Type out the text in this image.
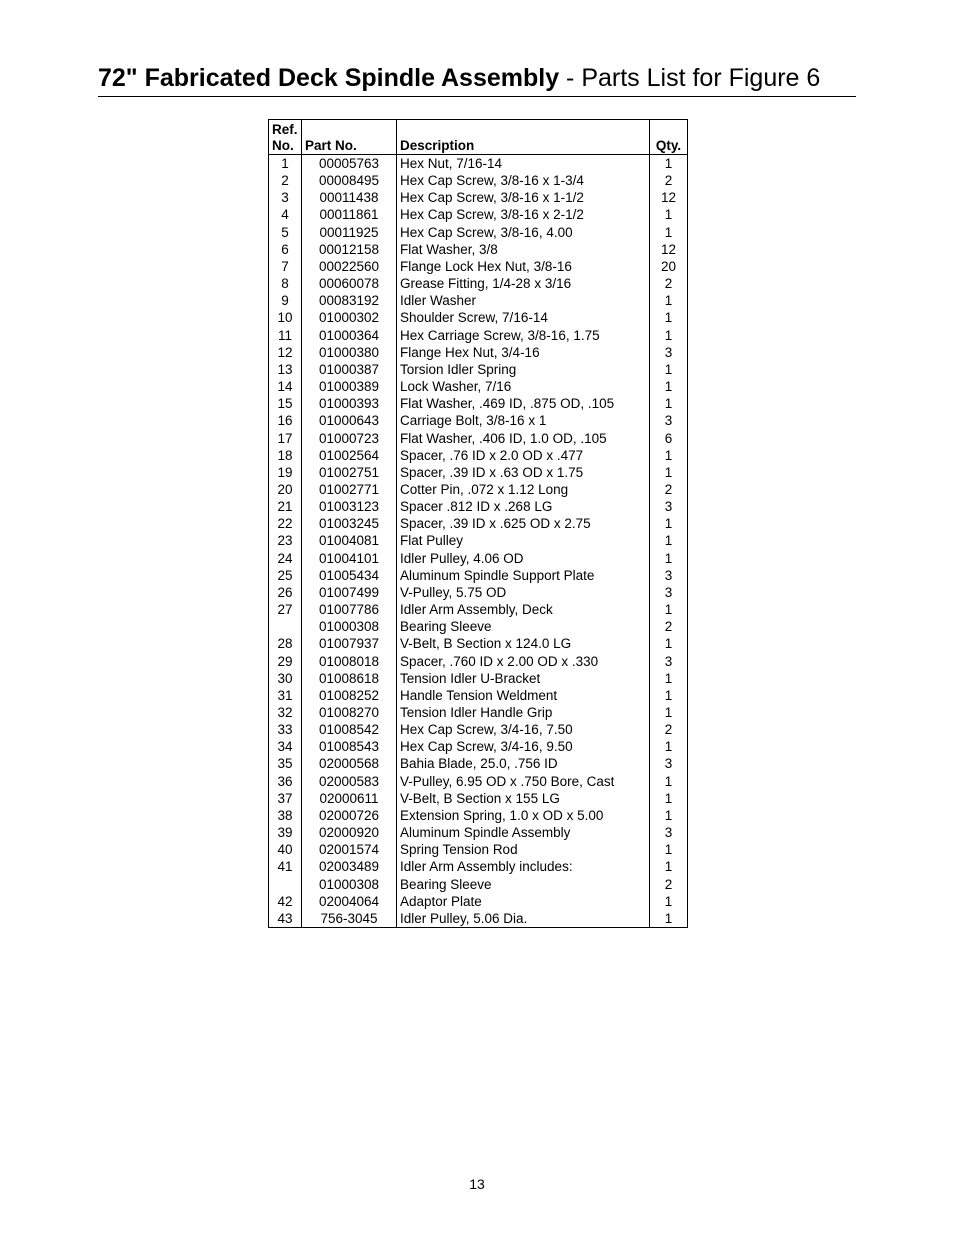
72" Fabricated Deck Spindle Assembly - Parts List for Figure 6
Ref.
No.	Part No.	Description	Qty.
1	00005763	Hex Nut, 7/16-14	1
2	00008495	Hex Cap Screw, 3/8-16 x 1-3/4	2
3	00011438	Hex Cap Screw, 3/8-16 x 1-1/2	12
4	00011861	Hex Cap Screw, 3/8-16 x 2-1/2	1
5	00011925	Hex Cap Screw, 3/8-16, 4.00	1
6	00012158	Flat Washer, 3/8	12
7	00022560	Flange Lock Hex Nut, 3/8-16	20
8	00060078	Grease Fitting, 1/4-28 x 3/16	2
9	00083192	Idler Washer	1
10	01000302	Shoulder Screw, 7/16-14	1
11	01000364	Hex Carriage Screw, 3/8-16, 1.75	1
12	01000380	Flange Hex Nut, 3/4-16	3
13	01000387	Torsion Idler Spring	1
14	01000389	Lock Washer, 7/16	1
15	01000393	Flat Washer, .469 ID, .875 OD, .105	1
16	01000643	Carriage Bolt, 3/8-16 x 1	3
17	01000723	Flat Washer, .406 ID, 1.0 OD, .105	6
18	01002564	Spacer, .76 ID x 2.0 OD x .477	1
19	01002751	Spacer, .39 ID x .63 OD x 1.75	1
20	01002771	Cotter Pin, .072 x 1.12 Long	2
21	01003123	Spacer .812 ID x .268 LG	3
22	01003245	Spacer, .39 ID x .625 OD x 2.75	1
23	01004081	Flat Pulley	1
24	01004101	Idler Pulley, 4.06 OD	1
25	01005434	Aluminum Spindle Support Plate	3
26	01007499	V-Pulley, 5.75 OD	3
27	01007786	Idler Arm Assembly, Deck	1
	01000308	Bearing Sleeve	2
28	01007937	V-Belt, B Section x 124.0 LG	1
29	01008018	Spacer, .760 ID x 2.00 OD x .330	3
30	01008618	Tension Idler U-Bracket	1
31	01008252	Handle Tension Weldment	1
32	01008270	Tension Idler Handle Grip	1
33	01008542	Hex Cap Screw, 3/4-16, 7.50	2
34	01008543	Hex Cap Screw, 3/4-16, 9.50	1
35	02000568	Bahia Blade, 25.0, .756 ID	3
36	02000583	V-Pulley, 6.95 OD x .750 Bore, Cast	1
37	02000611	V-Belt, B Section x 155 LG	1
38	02000726	Extension Spring, 1.0 x OD x 5.00	1
39	02000920	Aluminum Spindle Assembly	3
40	02001574	Spring Tension Rod	1
41	02003489	Idler Arm Assembly includes:	1
	01000308	Bearing Sleeve	2
42	02004064	Adaptor Plate	1
43	756-3045	Idler Pulley, 5.06 Dia.	1
13
